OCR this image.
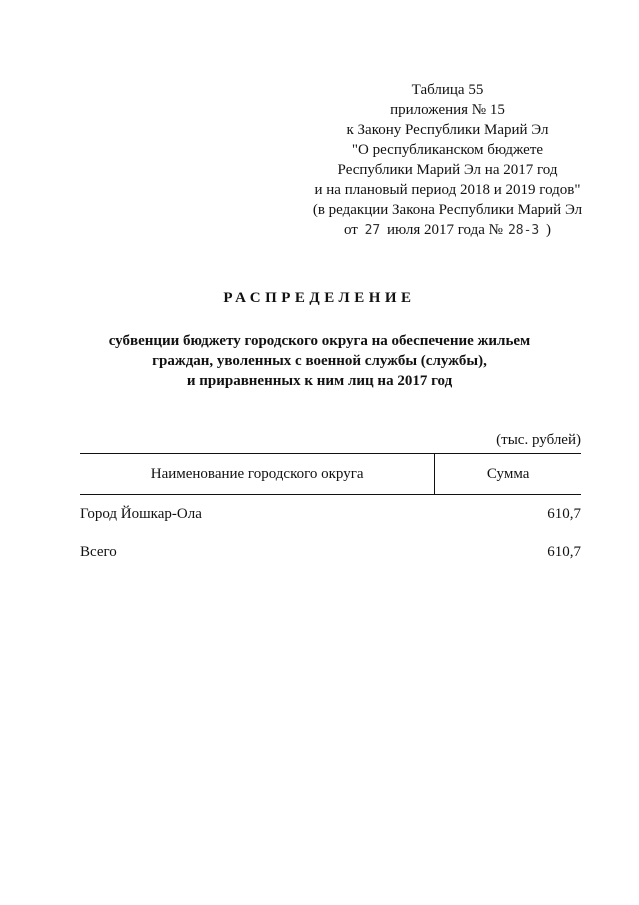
Таблица 55
приложения № 15
к Закону Республики Марий Эл
"О республиканском бюджете
Республики Марий Эл на 2017 год
и на плановый период 2018 и 2019 годов"
(в редакции Закона Республики Марий Эл
от 27 июля 2017 года № 28-З )
РАСПРЕДЕЛЕНИЕ
субвенции бюджету городского округа на обеспечение жильем
граждан, уволенных с военной службы (службы),
и приравненных к ним лиц на 2017 год
(тыс. рублей)
Наименование городского округа	Сумма
Город Йошкар-Ола	610,7
Всего	610,7
